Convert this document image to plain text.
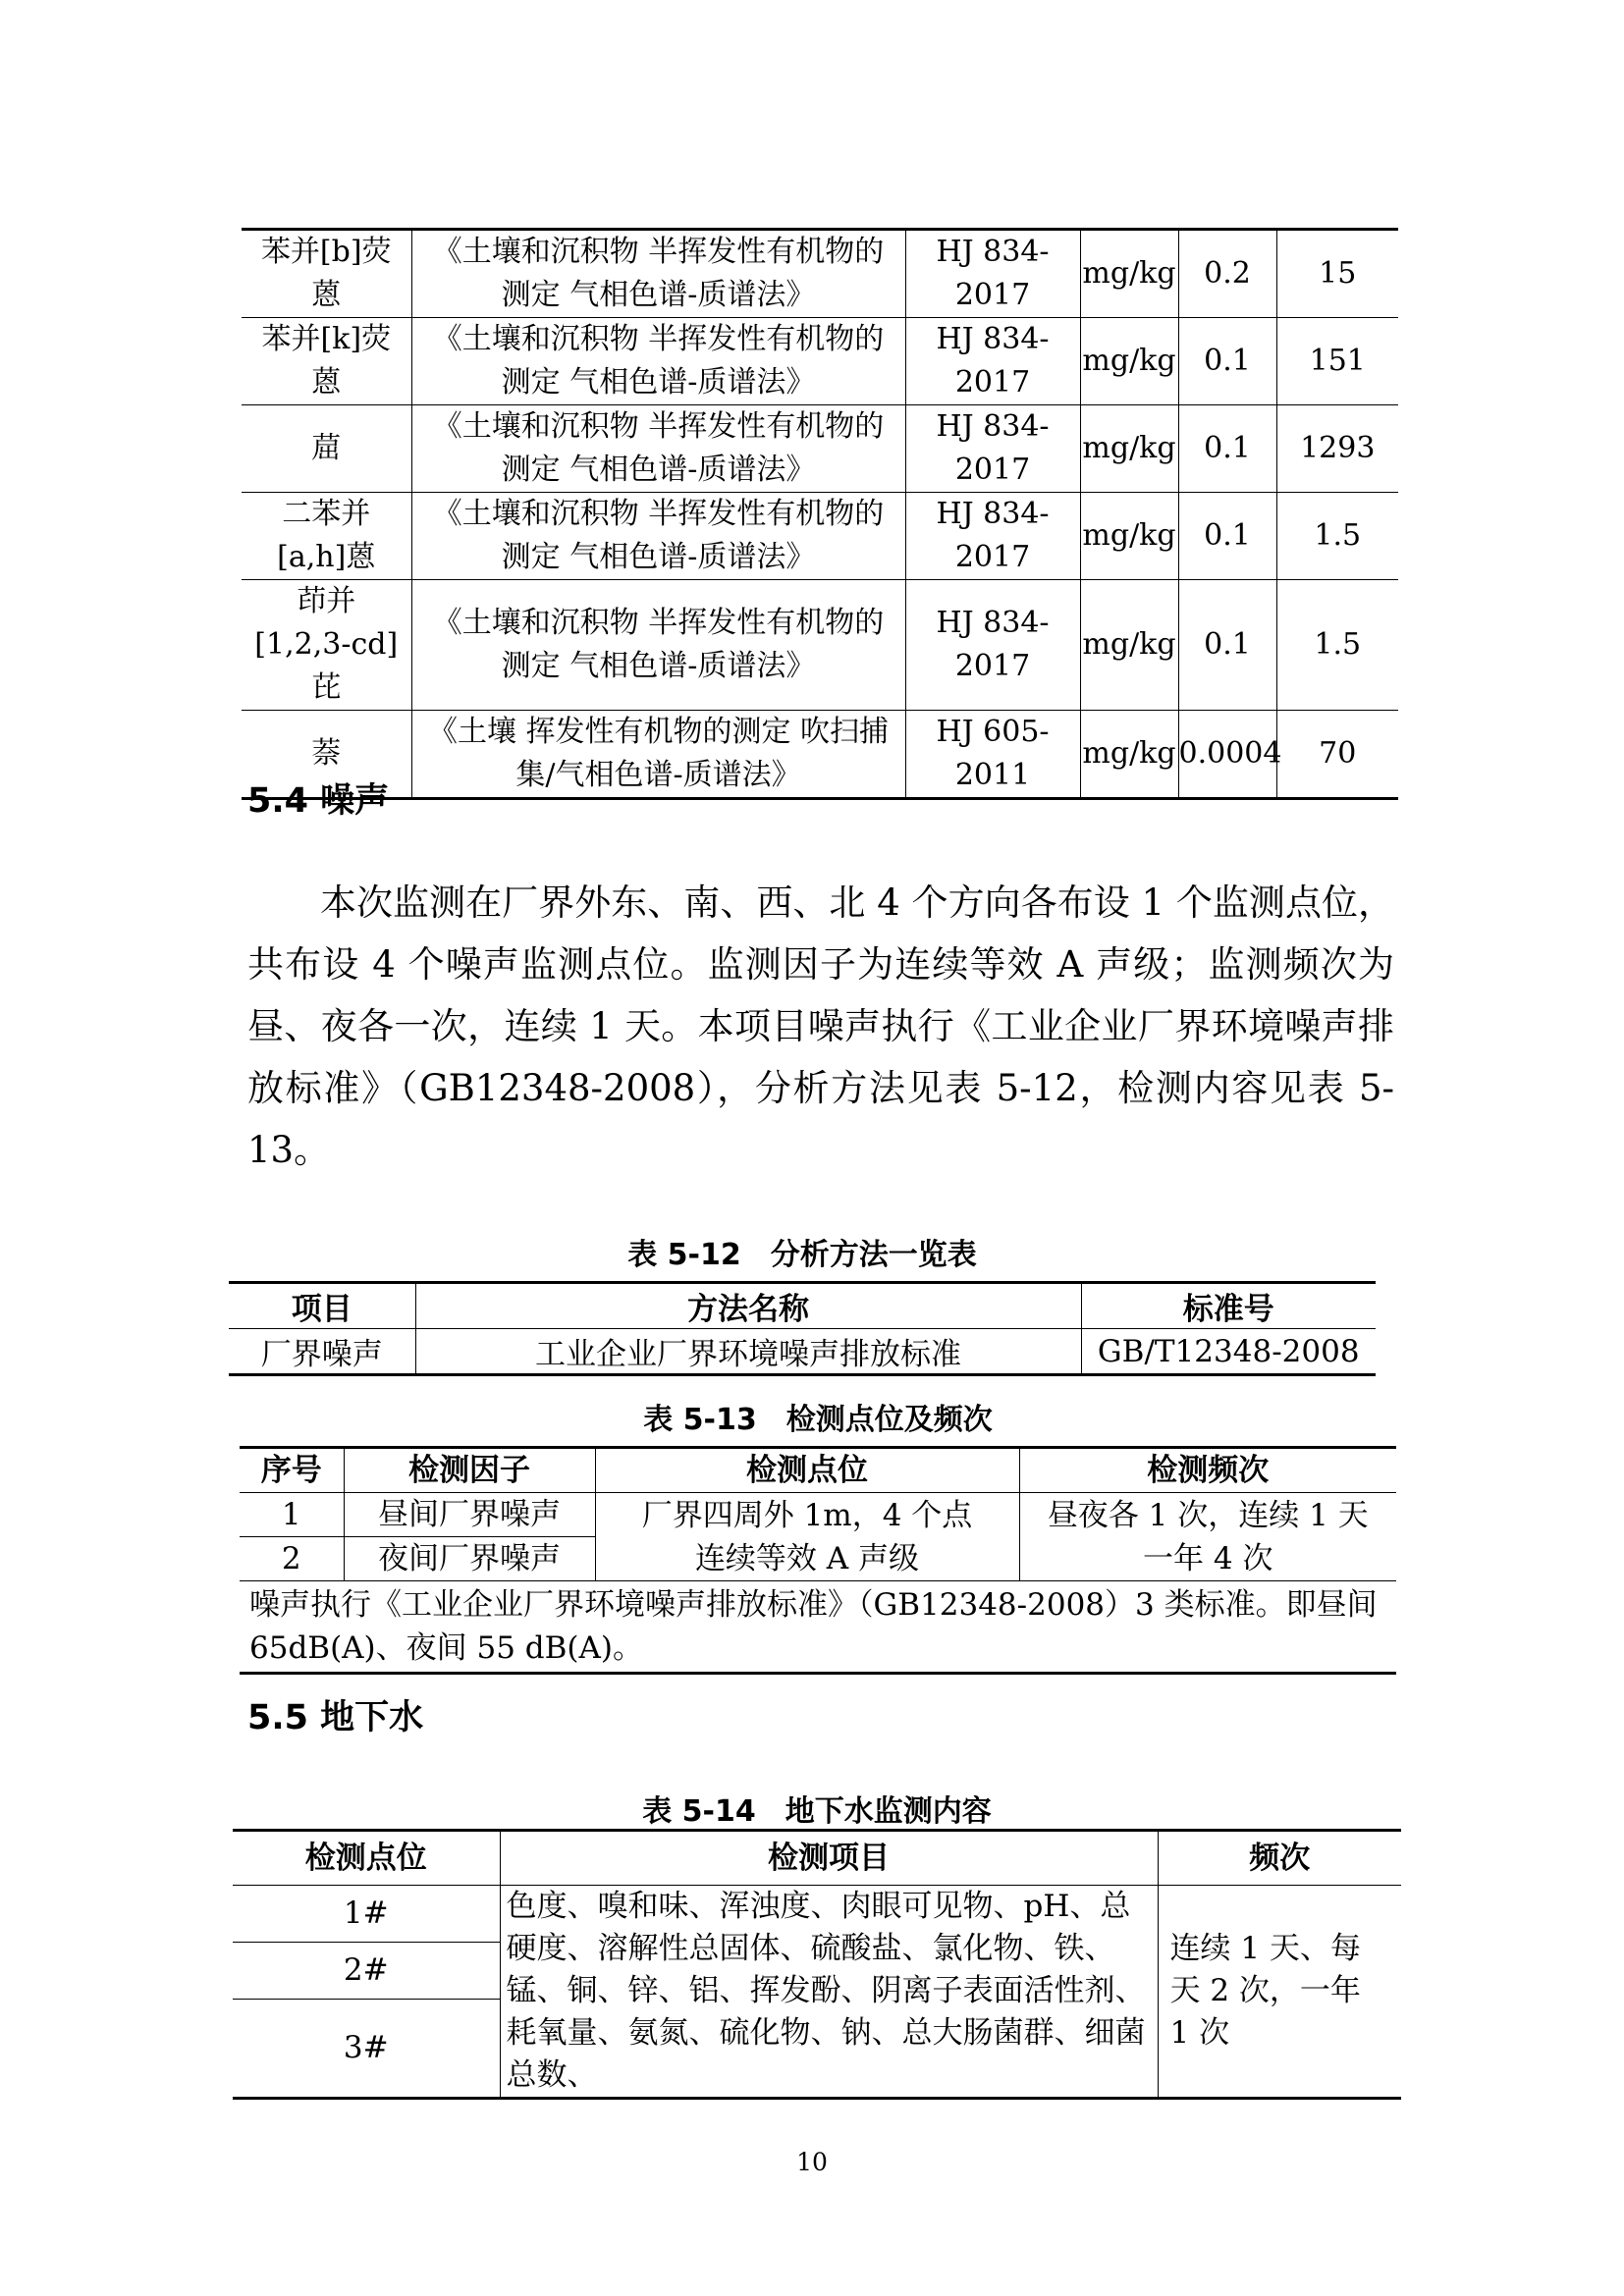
苯并[b]荧蒽	《土壤和沉积物 半挥发性有机物的测定 气相色谱-质谱法》	HJ 834-2017	mg/kg	0.2	15
苯并[k]荧蒽	《土壤和沉积物 半挥发性有机物的测定 气相色谱-质谱法》	HJ 834-2017	mg/kg	0.1	151
䓛	《土壤和沉积物 半挥发性有机物的测定 气相色谱-质谱法》	HJ 834-2017	mg/kg	0.1	1293
二苯并[a,h]蒽	《土壤和沉积物 半挥发性有机物的测定 气相色谱-质谱法》	HJ 834-2017	mg/kg	0.1	1.5
茚并[1,2,3-cd]芘	《土壤和沉积物 半挥发性有机物的测定 气相色谱-质谱法》	HJ 834-2017	mg/kg	0.1	1.5
萘	《土壤 挥发性有机物的测定 吹扫捕集/气相色谱-质谱法》	HJ 605-2011	mg/kg	0.0004	70
5.4 噪声
本次监测在厂界外东、南、西、北 4 个方向各布设 1 个监测点位，共布设 4 个噪声监测点位。监测因子为连续等效 A 声级；监测频次为昼、夜各一次，连续 1 天。本项目噪声执行《工业企业厂界环境噪声排放标准》（GB12348-2008），分析方法见表 5-12，检测内容见表 5-13。
表 5-12　分析方法一览表
项目	方法名称	标准号
厂界噪声	工业企业厂界环境噪声排放标准	GB/T12348-2008
表 5-13　检测点位及频次
序号	检测因子	检测点位	检测频次
1	昼间厂界噪声	厂界四周外 1m，4 个点连续等效 A 声级	昼夜各 1 次，连续 1 天一年 4 次
2	夜间厂界噪声		
噪声执行《工业企业厂界环境噪声排放标准》（GB12348-2008）3 类标准。即昼间 65dB(A)、夜间 55 dB(A)。			
5.5 地下水
表 5-14　地下水监测内容
检测点位	检测项目	频次
1#	色度、嗅和味、浑浊度、肉眼可见物、pH、总硬度、溶解性总固体、硫酸盐、氯化物、铁、锰、铜、锌、铝、挥发酚、阴离子表面活性剂、耗氧量、氨氮、硫化物、钠、总大肠菌群、细菌总数、	连续 1 天、每天 2 次，一年 1 次
2#		
3#		
10
